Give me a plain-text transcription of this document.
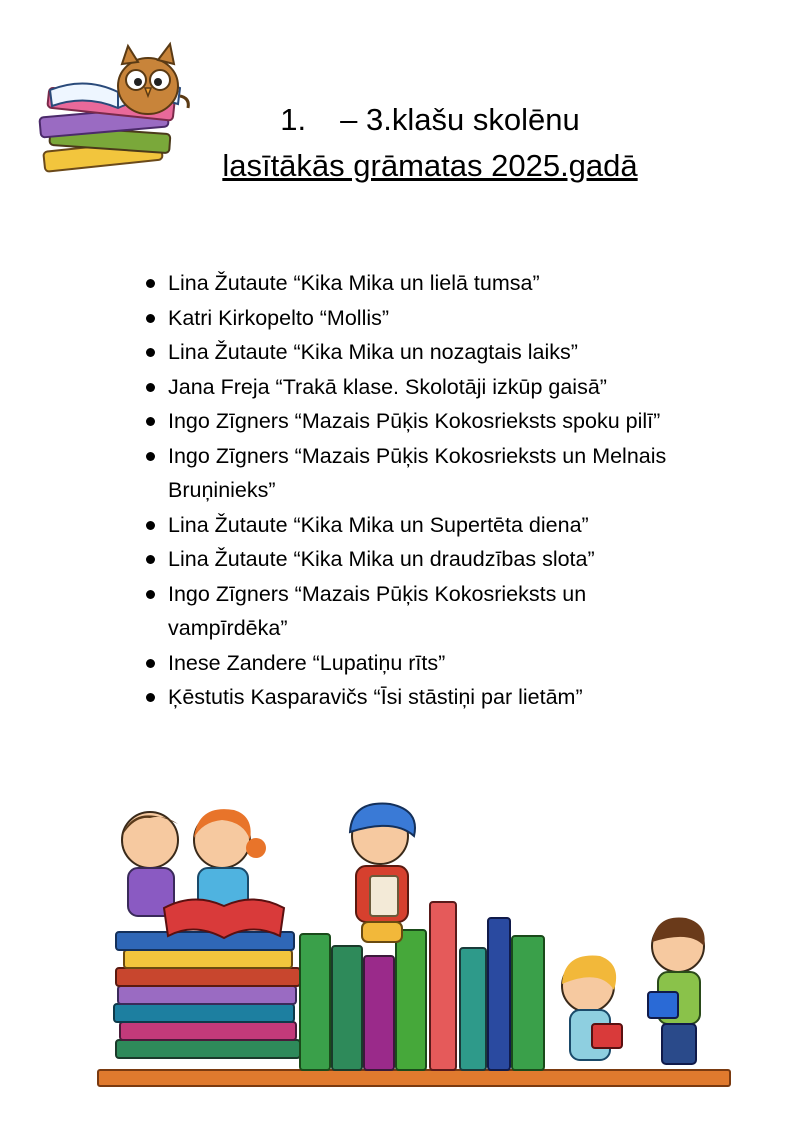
1. – 3.klašu skolēnu

lasītākās grāmatas 2025.gadā

Lina Žutaute “Kika Mika un lielā tumsa”
Katri Kirkopelto “Mollis”
Lina Žutaute “Kika Mika un nozagtais laiks”
Jana Freja “Trakā klase. Skolotāji izkūp gaisā”
Ingo Zīgners “Mazais Pūķis Kokosrieksts spoku pilī”
Ingo Zīgners “Mazais Pūķis Kokosrieksts un Melnais Bruņinieks”
Lina Žutaute “Kika Mika un Supertēta diena”
Lina Žutaute “Kika Mika un draudzības slota”
Ingo Zīgners “Mazais Pūķis Kokosrieksts un vampīrdēka”
Inese Zandere “Lupatiņu rīts”
Ķēstutis Kasparavičs “Īsi stāstiņi par lietām”
